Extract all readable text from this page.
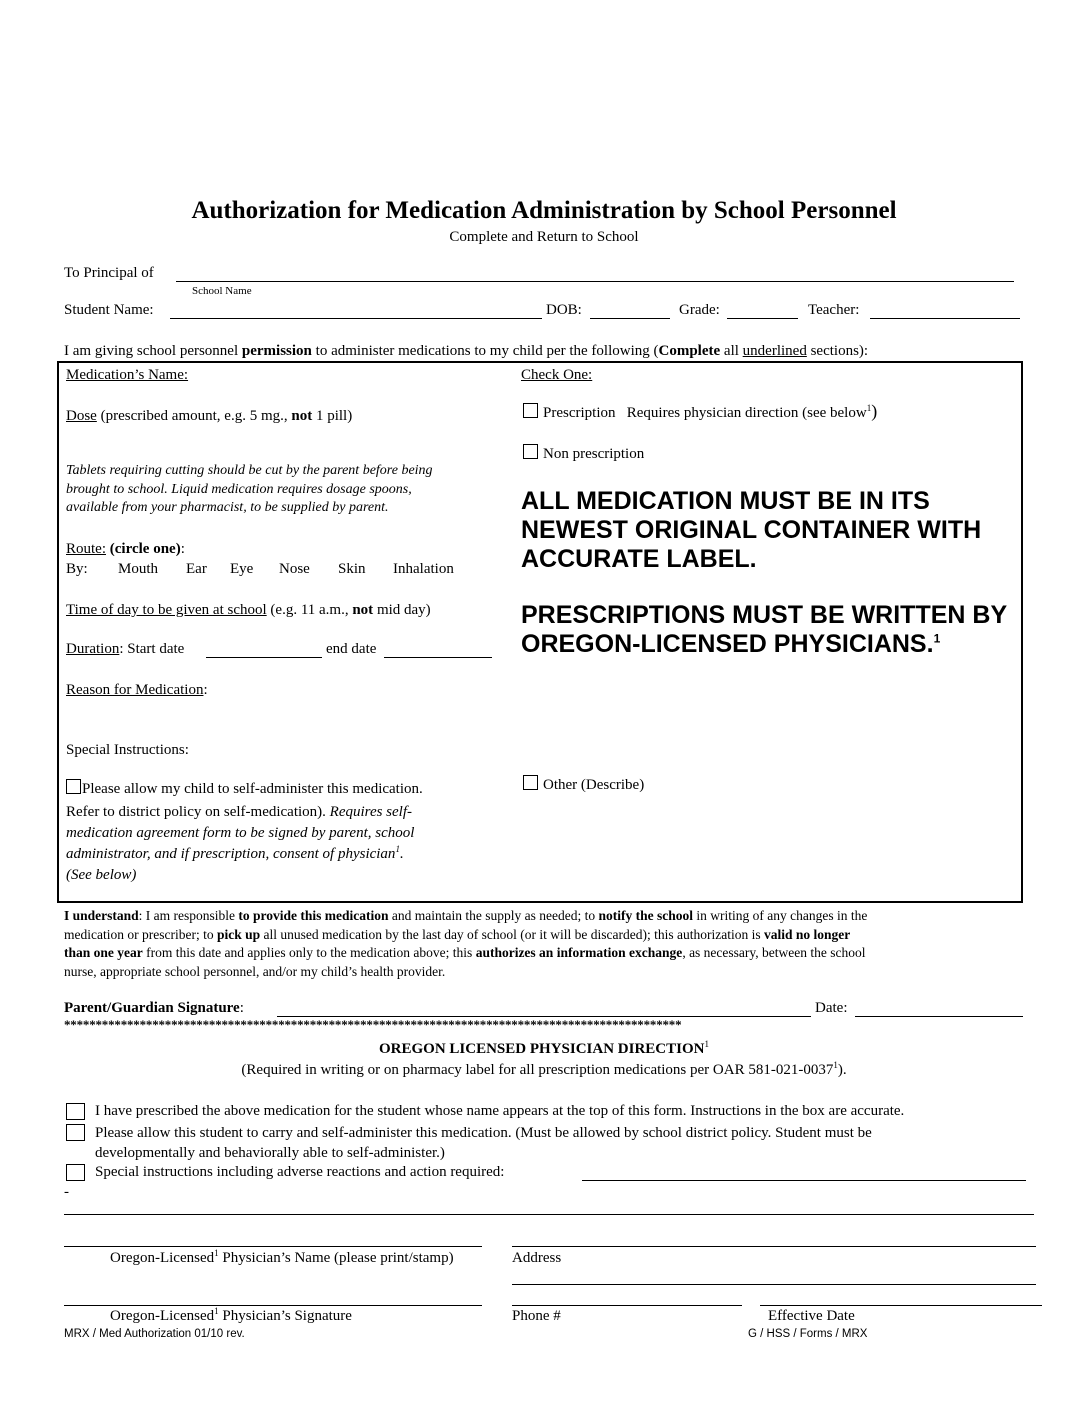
Authorization for Medication Administration by School Personnel
Complete and Return to School
To Principal of
School Name
Student Name:	DOB:	Grade:	Teacher:
I am giving school personnel permission to administer medications to my child per the following (Complete all underlined sections):
Medication’s Name:
Dose (prescribed amount, e.g. 5 mg., not 1 pill)
Tablets requiring cutting should be cut by the parent before being
brought to school. Liquid medication requires dosage spoons,
available from your pharmacist, to be supplied by parent.
Route: (circle one):
By: Mouth Ear Eye Nose Skin Inhalation
Time of day to be given at school (e.g. 11 a.m., not mid day)
Duration: Start date	end date
Reason for Medication:
Special Instructions:
Please allow my child to self-administer this medication.
Refer to district policy on self-medication). Requires self-
medication agreement form to be signed by parent, school
administrator, and if prescription, consent of physician$^1$.
(See below)
Check One:
Prescription Requires physician direction (see below$^1$)
Non prescription
ALL MEDICATION MUST BE IN ITS
NEWEST ORIGINAL CONTAINER WITH
ACCURATE LABEL.
PRESCRIPTIONS MUST BE WRITTEN BY
OREGON-LICENSED PHYSICIANS.$^1$
Other (Describe)
I understand: I am responsible to provide this medication and maintain the supply as needed; to notify the school in writing of any changes in the
medication or prescriber; to pick up all unused medication by the last day of school (or it will be discarded); this authorization is valid no longer
than one year from this date and applies only to the medication above; this authorizes an information exchange, as necessary, between the school
nurse, appropriate school personnel, and/or my child’s health provider.
Parent/Guardian Signature:	Date:
**************************************************************************************************
OREGON LICENSED PHYSICIAN DIRECTION$^1$
(Required in writing or on pharmacy label for all prescription medications per OAR 581-021-0037$^1$).
I have prescribed the above medication for the student whose name appears at the top of this form. Instructions in the box are accurate.
Please allow this student to carry and self-administer this medication. (Must be allowed by school district policy. Student must be
developmentally and behaviorally able to self-administer.)
Special instructions including adverse reactions and action required:
-
Oregon-Licensed$^1$ Physician’s Name (please print/stamp)	Address
Oregon-Licensed$^1$ Physician’s Signature	Phone #	Effective Date
MRX / Med Authorization 01/10 rev.	G / HSS / Forms / MRX
